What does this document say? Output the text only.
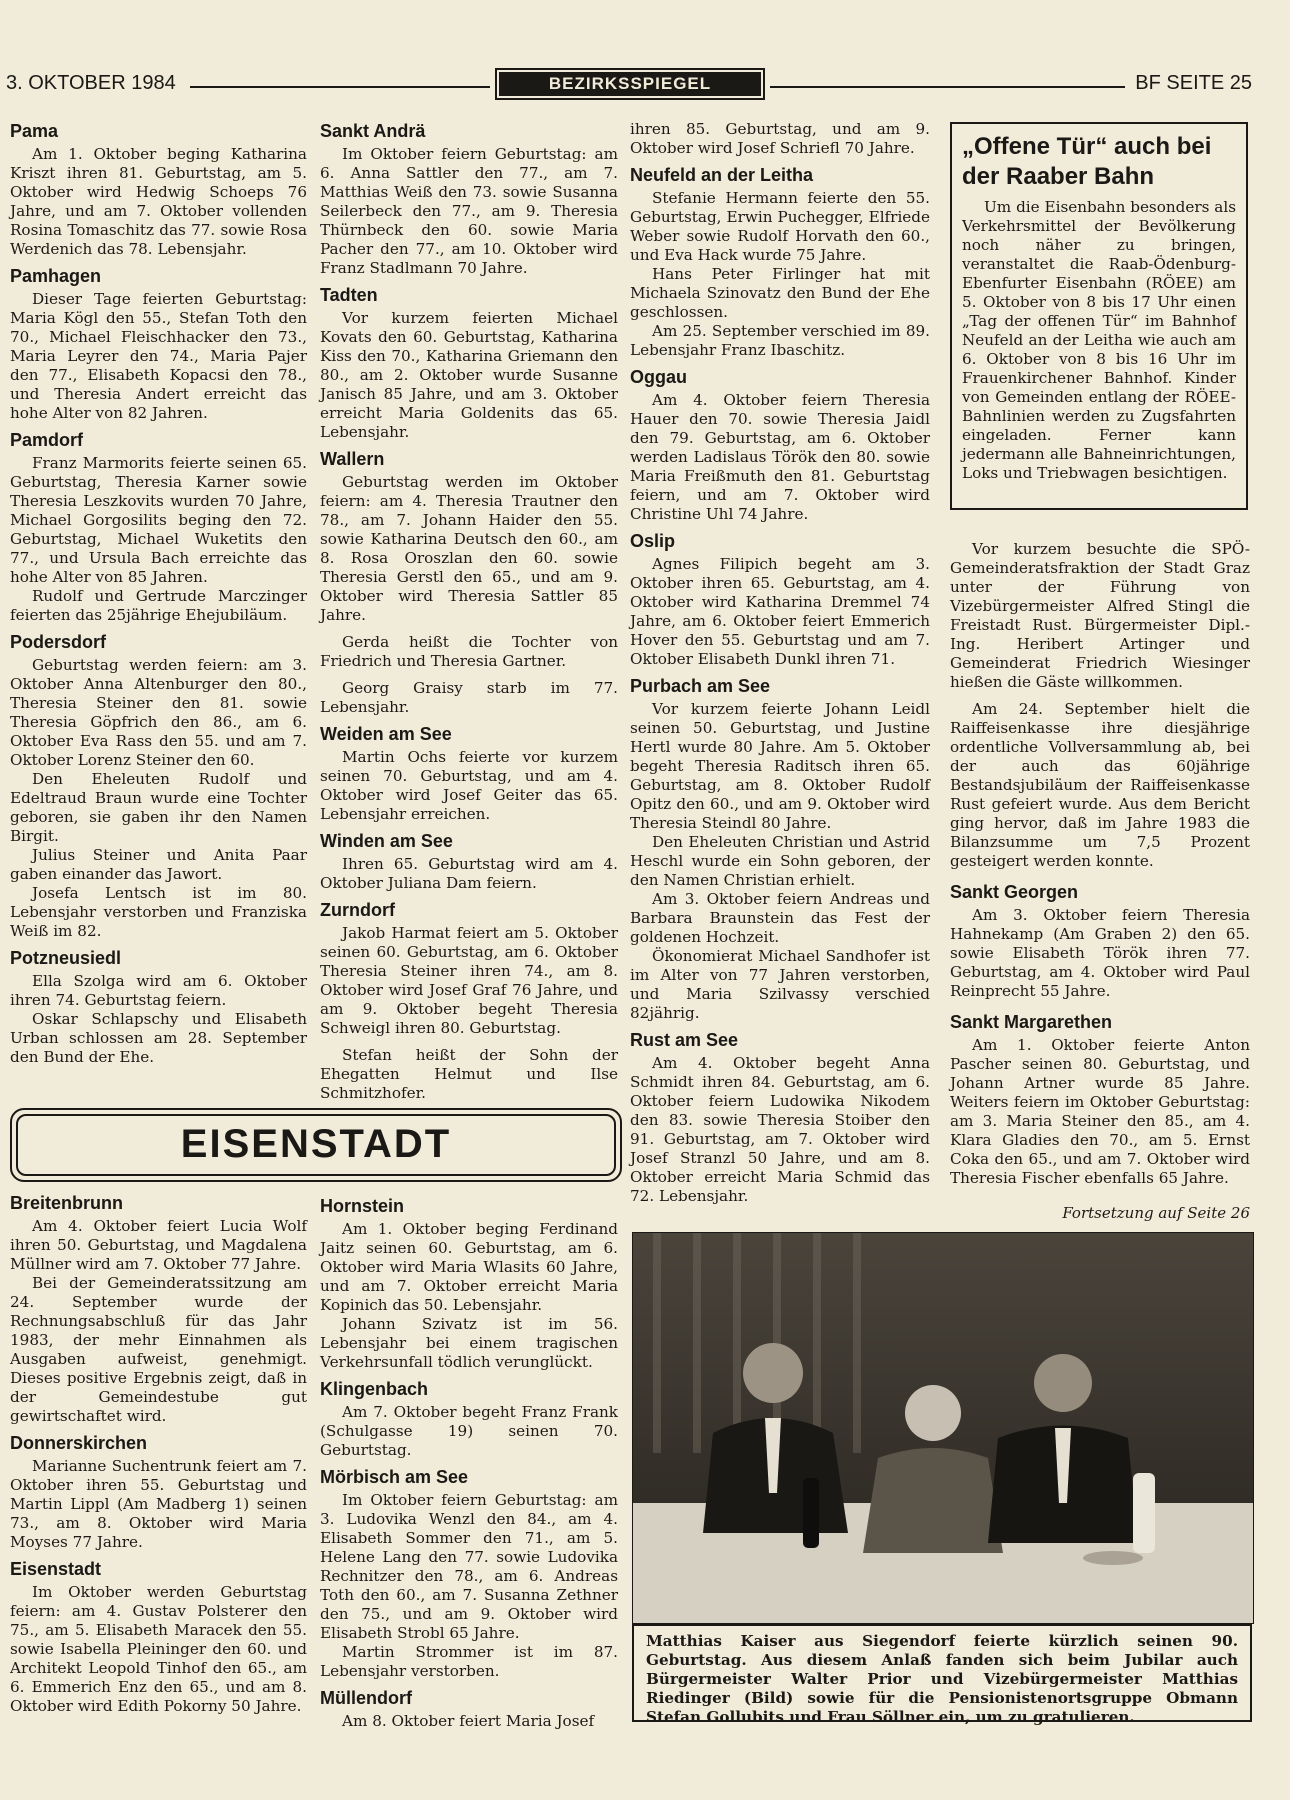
3. OKTOBER 1984	BEZIRKSSPIEGEL	BF SEITE 25
Pama

Am 1. Oktober beging Katharina Kriszt ihren 81. Geburtstag, am 5. Oktober wird Hedwig Schoeps 76 Jahre, und am 7. Oktober vollenden Rosina Tomaschitz das 77. sowie Rosa Werdenich das 78. Lebensjahr.

Pamhagen

Dieser Tage feierten Geburtstag: Maria Kögl den 55., Stefan Toth den 70., Michael Fleischhacker den 73., Maria Leyrer den 74., Maria Pajer den 77., Elisabeth Kopacsi den 78., und Theresia Andert erreicht das hohe Alter von 82 Jahren.

Pamdorf

Franz Marmorits feierte seinen 65. Geburtstag, Theresia Karner sowie Theresia Leszkovits wurden 70 Jahre, Michael Gorgosilits beging den 72. Geburtstag, Michael Wuketits den 77., und Ursula Bach erreichte das hohe Alter von 85 Jahren.

Rudolf und Gertrude Marczinger feierten das 25jährige Ehejubiläum.

Podersdorf

Geburtstag werden feiern: am 3. Oktober Anna Altenburger den 80., Theresia Steiner den 81. sowie Theresia Göpfrich den 86., am 6. Oktober Eva Rass den 55. und am 7. Oktober Lorenz Steiner den 60.

Den Eheleuten Rudolf und Edeltraud Braun wurde eine Tochter geboren, sie gaben ihr den Namen Birgit.

Julius Steiner und Anita Paar gaben einander das Jawort.

Josefa Lentsch ist im 80. Lebensjahr verstorben und Franziska Weiß im 82.

Potzneusiedl

Ella Szolga wird am 6. Oktober ihren 74. Geburtstag feiern.

Oskar Schlapschy und Elisabeth Urban schlossen am 28. September den Bund der Ehe.

Sankt Andrä

Im Oktober feiern Geburtstag: am 6. Anna Sattler den 77., am 7. Matthias Weiß den 73. sowie Susanna Seilerbeck den 77., am 9. Theresia Thürnbeck den 60. sowie Maria Pacher den 77., am 10. Oktober wird Franz Stadlmann 70 Jahre.

Tadten

Vor kurzem feierten Michael Kovats den 60. Geburtstag, Katharina Kiss den 70., Katharina Griemann den 80., am 2. Oktober wurde Susanne Janisch 85 Jahre, und am 3. Oktober erreicht Maria Goldenits das 65. Lebensjahr.

Wallern

Geburtstag werden im Oktober feiern: am 4. Theresia Trautner den 78., am 7. Johann Haider den 55. sowie Katharina Deutsch den 60., am 8. Rosa Oroszlan den 60. sowie Theresia Gerstl den 65., und am 9. Oktober wird Theresia Sattler 85 Jahre.

Gerda heißt die Tochter von Friedrich und Theresia Gartner.

Georg Graisy starb im 77. Lebensjahr.

Weiden am See

Martin Ochs feierte vor kurzem seinen 70. Geburtstag, und am 4. Oktober wird Josef Geiter das 65. Lebensjahr erreichen.

Winden am See

Ihren 65. Geburtstag wird am 4. Oktober Juliana Dam feiern.

Zurndorf

Jakob Harmat feiert am 5. Oktober seinen 60. Geburtstag, am 6. Oktober Theresia Steiner ihren 74., am 8. Oktober wird Josef Graf 76 Jahre, und am 9. Oktober begeht Theresia Schweigl ihren 80. Geburtstag.

Stefan heißt der Sohn der Ehegatten Helmut und Ilse Schmitzhofer.

ihren 85. Geburtstag, und am 9. Oktober wird Josef Schriefl 70 Jahre.

Neufeld an der Leitha

Stefanie Hermann feierte den 55. Geburtstag, Erwin Puchegger, Elfriede Weber sowie Rudolf Horvath den 60., und Eva Hack wurde 75 Jahre.

Hans Peter Firlinger hat mit Michaela Szinovatz den Bund der Ehe geschlossen.

Am 25. September verschied im 89. Lebensjahr Franz Ibaschitz.

Oggau

Am 4. Oktober feiern Theresia Hauer den 70. sowie Theresia Jaidl den 79. Geburtstag, am 6. Oktober werden Ladislaus Török den 80. sowie Maria Freißmuth den 81. Geburtstag feiern, und am 7. Oktober wird Christine Uhl 74 Jahre.

Oslip

Agnes Filipich begeht am 3. Oktober ihren 65. Geburtstag, am 4. Oktober wird Katharina Dremmel 74 Jahre, am 6. Oktober feiert Emmerich Hover den 55. Geburtstag und am 7. Oktober Elisabeth Dunkl ihren 71.

Purbach am See

Vor kurzem feierte Johann Leidl seinen 50. Geburtstag, und Justine Hertl wurde 80 Jahre. Am 5. Oktober begeht Theresia Raditsch ihren 65. Geburtstag, am 8. Oktober Rudolf Opitz den 60., und am 9. Oktober wird Theresia Steindl 80 Jahre.

Den Eheleuten Christian und Astrid Heschl wurde ein Sohn geboren, der den Namen Christian erhielt.

Am 3. Oktober feiern Andreas und Barbara Braunstein das Fest der goldenen Hochzeit.

Ökonomierat Michael Sandhofer ist im Alter von 77 Jahren verstorben, und Maria Szilvassy verschied 82jährig.

Rust am See

Am 4. Oktober begeht Anna Schmidt ihren 84. Geburtstag, am 6. Oktober feiern Ludowika Nikodem den 83. sowie Theresia Stoiber den 91. Geburtstag, am 7. Oktober wird Josef Stranzl 50 Jahre, und am 8. Oktober erreicht Maria Schmid das 72. Lebensjahr.

„Offene Tür“ auch bei der Raaber Bahn

Um die Eisenbahn besonders als Verkehrsmittel der Bevölkerung noch näher zu bringen, veranstaltet die Raab-Ödenburg-Ebenfurter Eisenbahn (RÖEE) am 5. Oktober von 8 bis 17 Uhr einen „Tag der offenen Tür“ im Bahnhof Neufeld an der Leitha wie auch am 6. Oktober von 8 bis 16 Uhr im Frauenkirchener Bahnhof. Kinder von Gemeinden entlang der RÖEE-Bahnlinien werden zu Zugsfahrten eingeladen. Ferner kann jedermann alle Bahneinrichtungen, Loks und Triebwagen besichtigen.

Vor kurzem besuchte die SPÖ-Gemeinderatsfraktion der Stadt Graz unter der Führung von Vizebürgermeister Alfred Stingl die Freistadt Rust. Bürgermeister Dipl.-Ing. Heribert Artinger und Gemeinderat Friedrich Wiesinger hießen die Gäste willkommen.

Am 24. September hielt die Raiffeisenkasse ihre diesjährige ordentliche Vollversammlung ab, bei der auch das 60jährige Bestandsjubiläum der Raiffeisenkasse Rust gefeiert wurde. Aus dem Bericht ging hervor, daß im Jahre 1983 die Bilanzsumme um 7,5 Prozent gesteigert werden konnte.

Sankt Georgen

Am 3. Oktober feiern Theresia Hahnekamp (Am Graben 2) den 65. sowie Elisabeth Török ihren 77. Geburtstag, am 4. Oktober wird Paul Reinprecht 55 Jahre.

Sankt Margarethen

Am 1. Oktober feierte Anton Pascher seinen 80. Geburtstag, und Johann Artner wurde 85 Jahre. Weiters feiern im Oktober Geburtstag: am 3. Maria Steiner den 85., am 4. Klara Gladies den 70., am 5. Ernst Coka den 65., und am 7. Oktober wird Theresia Fischer ebenfalls 65 Jahre.

Fortsetzung auf Seite 26
EISENSTADT
Breitenbrunn

Am 4. Oktober feiert Lucia Wolf ihren 50. Geburtstag, und Magdalena Müllner wird am 7. Oktober 77 Jahre.

Bei der Gemeinderatssitzung am 24. September wurde der Rechnungsabschluß für das Jahr 1983, der mehr Einnahmen als Ausgaben aufweist, genehmigt. Dieses positive Ergebnis zeigt, daß in der Gemeindestube gut gewirtschaftet wird.

Donnerskirchen

Marianne Suchentrunk feiert am 7. Oktober ihren 55. Geburtstag und Martin Lippl (Am Madberg 1) seinen 73., am 8. Oktober wird Maria Moyses 77 Jahre.

Eisenstadt

Im Oktober werden Geburtstag feiern: am 4. Gustav Polsterer den 75., am 5. Elisabeth Maracek den 55. sowie Isabella Pleininger den 60. und Architekt Leopold Tinhof den 65., am 6. Emmerich Enz den 65., und am 8. Oktober wird Edith Pokorny 50 Jahre.

Hornstein

Am 1. Oktober beging Ferdinand Jaitz seinen 60. Geburtstag, am 6. Oktober wird Maria Wlasits 60 Jahre, und am 7. Oktober erreicht Maria Kopinich das 50. Lebensjahr.

Johann Szivatz ist im 56. Lebensjahr bei einem tragischen Verkehrsunfall tödlich verunglückt.

Klingenbach

Am 7. Oktober begeht Franz Frank (Schulgasse 19) seinen 70. Geburtstag.

Mörbisch am See

Im Oktober feiern Geburtstag: am 3. Ludovika Wenzl den 84., am 4. Elisabeth Sommer den 71., am 5. Helene Lang den 77. sowie Ludovika Rechnitzer den 78., am 6. Andreas Toth den 60., am 7. Susanna Zethner den 75., und am 9. Oktober wird Elisabeth Strobl 65 Jahre.

Martin Strommer ist im 87. Lebensjahr verstorben.

Müllendorf

Am 8. Oktober feiert Maria Josef

Matthias Kaiser aus Siegendorf feierte kürzlich seinen 90. Geburtstag. Aus diesem Anlaß fanden sich beim Jubilar auch Bürgermeister Walter Prior und Vizebürgermeister Matthias Riedinger (Bild) sowie für die Pensionistenortsgruppe Obmann Stefan Gollubits und Frau Söllner ein, um zu gratulieren.
